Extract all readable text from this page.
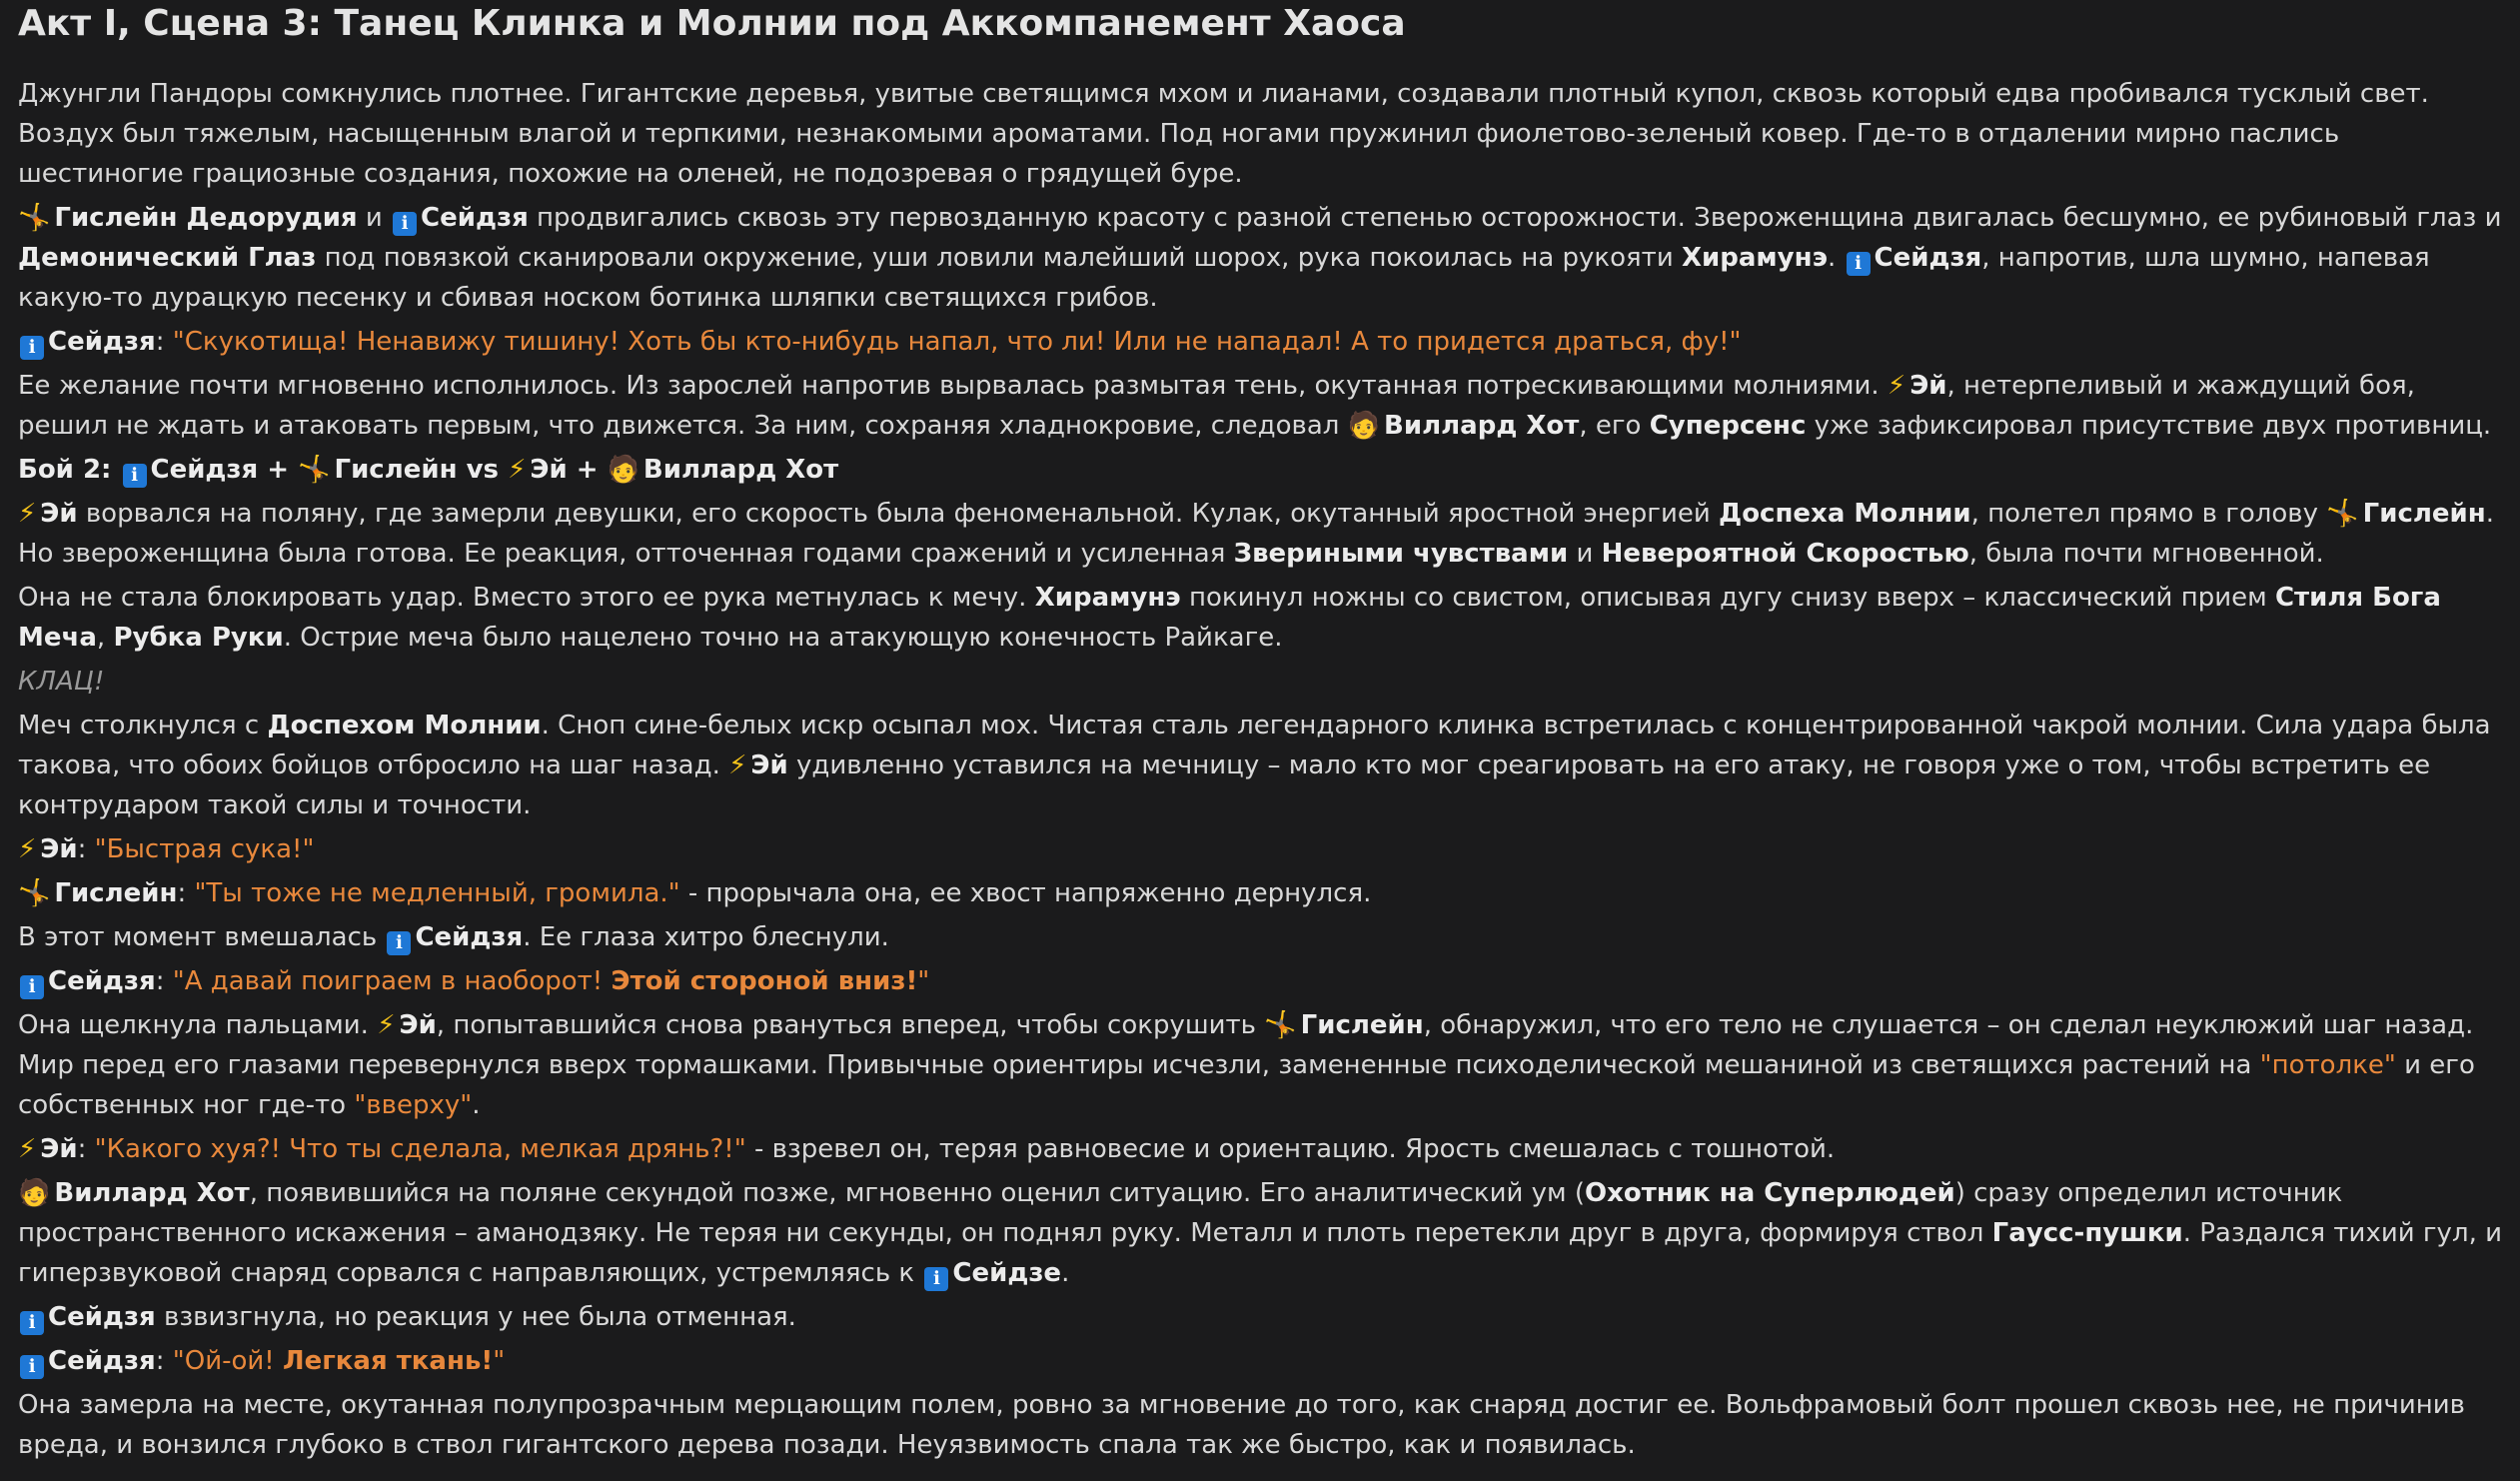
Акт I, Сцена 3: Танец Клинка и Молнии под Аккомпанемент Хаоса

Джунгли Пандоры сомкнулись плотнее. Гигантские деревья, увитые светящимся мхом и лианами, создавали плотный купол, сквозь который едва пробивался тусклый свет. Воздух был тяжелым, насыщенным влагой и терпкими, незнакомыми ароматами. Под ногами пружинил фиолетово-зеленый ковер. Где-то в отдалении мирно паслись шестиногие грациозные создания, похожие на оленей, не подозревая о грядущей буре.

🤸 Гислейн Дедорудия и ℹ Сейдзя продвигались сквозь эту первозданную красоту с разной степенью осторожности. Звероженщина двигалась бесшумно, ее рубиновый глаз и Демонический Глаз под повязкой сканировали окружение, уши ловили малейший шорох, рука покоилась на рукояти Хирамунэ. ℹ Сейдзя, напротив, шла шумно, напевая какую-то дурацкую песенку и сбивая носком ботинка шляпки светящихся грибов.

ℹ Сейдзя: "Скукотища! Ненавижу тишину! Хоть бы кто-нибудь напал, что ли! Или не нападал! А то придется драться, фу!"

Ее желание почти мгновенно исполнилось. Из зарослей напротив вырвалась размытая тень, окутанная потрескивающими молниями. ⚡ Эй, нетерпеливый и жаждущий боя, решил не ждать и атаковать первым, что движется. За ним, сохраняя хладнокровие, следовал 🧑 Виллард Хот, его Суперсенс уже зафиксировал присутствие двух противниц.

Бой 2: ℹ Сейдзя + 🤸 Гислейн vs ⚡ Эй + 🧑 Виллард Хот

⚡ Эй ворвался на поляну, где замерли девушки, его скорость была феноменальной. Кулак, окутанный яростной энергией Доспеха Молнии, полетел прямо в голову 🤸 Гислейн. Но звероженщина была готова. Ее реакция, отточенная годами сражений и усиленная Звериными чувствами и Невероятной Скоростью, была почти мгновенной.

Она не стала блокировать удар. Вместо этого ее рука метнулась к мечу. Хирамунэ покинул ножны со свистом, описывая дугу снизу вверх – классический прием Стиля Бога Меча, Рубка Руки. Острие меча было нацелено точно на атакующую конечность Райкаге.

КЛАЦ!

Меч столкнулся с Доспехом Молнии. Сноп сине-белых искр осыпал мох. Чистая сталь легендарного клинка встретилась с концентрированной чакрой молнии. Сила удара была такова, что обоих бойцов отбросило на шаг назад. ⚡ Эй удивленно уставился на мечницу – мало кто мог среагировать на его атаку, не говоря уже о том, чтобы встретить ее контрударом такой силы и точности.

⚡ Эй: "Быстрая сука!"

🤸 Гислейн: "Ты тоже не медленный, громила." - прорычала она, ее хвост напряженно дернулся.

В этот момент вмешалась ℹ Сейдзя. Ее глаза хитро блеснули.

ℹ Сейдзя: "А давай поиграем в наоборот! Этой стороной вниз!"

Она щелкнула пальцами. ⚡ Эй, попытавшийся снова рвануться вперед, чтобы сокрушить 🤸 Гислейн, обнаружил, что его тело не слушается – он сделал неуклюжий шаг назад. Мир перед его глазами перевернулся вверх тормашками. Привычные ориентиры исчезли, замененные психоделической мешаниной из светящихся растений на "потолке" и его собственных ног где-то "вверху".

⚡ Эй: "Какого хуя?! Что ты сделала, мелкая дрянь?!" - взревел он, теряя равновесие и ориентацию. Ярость смешалась с тошнотой.

🧑 Виллард Хот, появившийся на поляне секундой позже, мгновенно оценил ситуацию. Его аналитический ум (Охотник на Суперлюдей) сразу определил источник пространственного искажения – аманодзяку. Не теряя ни секунды, он поднял руку. Металл и плоть перетекли друг в друга, формируя ствол Гаусс-пушки. Раздался тихий гул, и гиперзвуковой снаряд сорвался с направляющих, устремляясь к ℹ Сейдзе.

ℹ Сейдзя взвизгнула, но реакция у нее была отменная.

ℹ Сейдзя: "Ой-ой! Легкая ткань!"

Она замерла на месте, окутанная полупрозрачным мерцающим полем, ровно за мгновение до того, как снаряд достиг ее. Вольфрамовый болт прошел сквозь нее, не причинив вреда, и вонзился глубоко в ствол гигантского дерева позади. Неуязвимость спала так же быстро, как и появилась.
